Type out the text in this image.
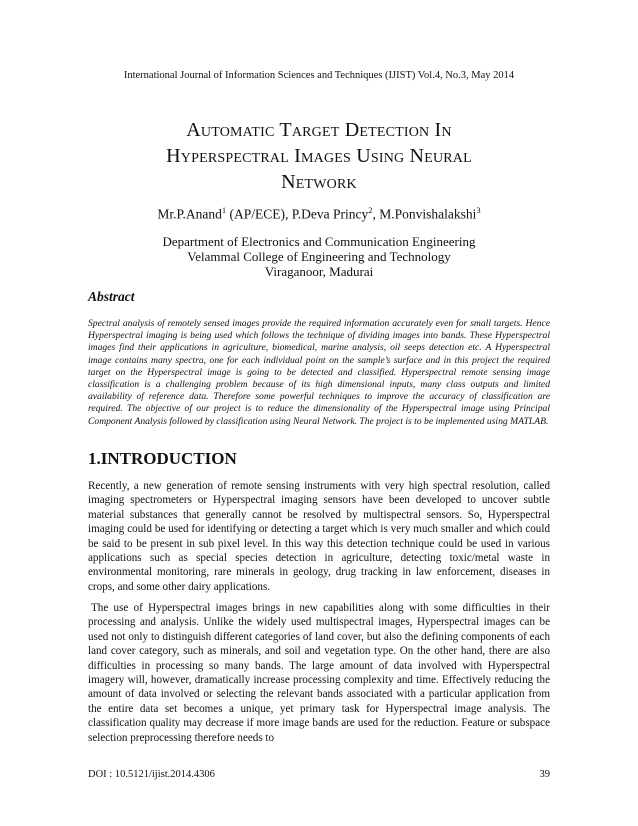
International Journal of Information Sciences and Techniques (IJIST) Vol.4, No.3, May 2014
Automatic Target Detection In
Hyperspectral Images Using Neural
Network
Mr.P.Anand$^1$ (AP/ECE), P.Deva Princy$^2$, M.Ponvishalakshi$^3$
Department of Electronics and Communication Engineering
Velammal College of Engineering and Technology
Viraganoor, Madurai
Abstract

Spectral analysis of remotely sensed images provide the required information accurately even for small targets. Hence Hyperspectral imaging is being used which follows the technique of dividing images into bands. These Hyperspectral images find their applications in agriculture, biomedical, marine analysis, oil seeps detection etc. A Hyperspectral image contains many spectra, one for each individual point on the sample’s surface and in this project the required target on the Hyperspectral image is going to be detected and classified. Hyperspectral remote sensing image classification is a challenging problem because of its high dimensional inputs, many class outputs and limited availability of reference data. Therefore some powerful techniques to improve the accuracy of classification are required. The objective of our project is to reduce the dimensionality of the Hyperspectral image using Principal Component Analysis followed by classification using Neural Network. The project is to be implemented using MATLAB.

1.INTRODUCTION

Recently, a new generation of remote sensing instruments with very high spectral resolution, called imaging spectrometers or Hyperspectral imaging sensors have been developed to uncover subtle material substances that generally cannot be resolved by multispectral sensors. So, Hyperspectral imaging could be used for identifying or detecting a target which is very much smaller and which could be said to be present in sub pixel level. In this way this detection technique could be used in various applications such as special species detection in agriculture, detecting toxic/metal waste in environmental monitoring, rare minerals in geology, drug tracking in law enforcement, diseases in crops, and some other dairy applications.

The use of Hyperspectral images brings in new capabilities along with some difficulties in their processing and analysis. Unlike the widely used multispectral images, Hyperspectral images can be used not only to distinguish different categories of land cover, but also the defining components of each land cover category, such as minerals, and soil and vegetation type. On the other hand, there are also difficulties in processing so many bands. The large amount of data involved with Hyperspectral imagery will, however, dramatically increase processing complexity and time. Effectively reducing the amount of data involved or selecting the relevant bands associated with a particular application from the entire data set becomes a unique, yet primary task for Hyperspectral image analysis. The classification quality may decrease if more image bands are used for the reduction. Feature or subspace selection preprocessing therefore needs to

DOI : 10.5121/ijist.2014.4306	39
